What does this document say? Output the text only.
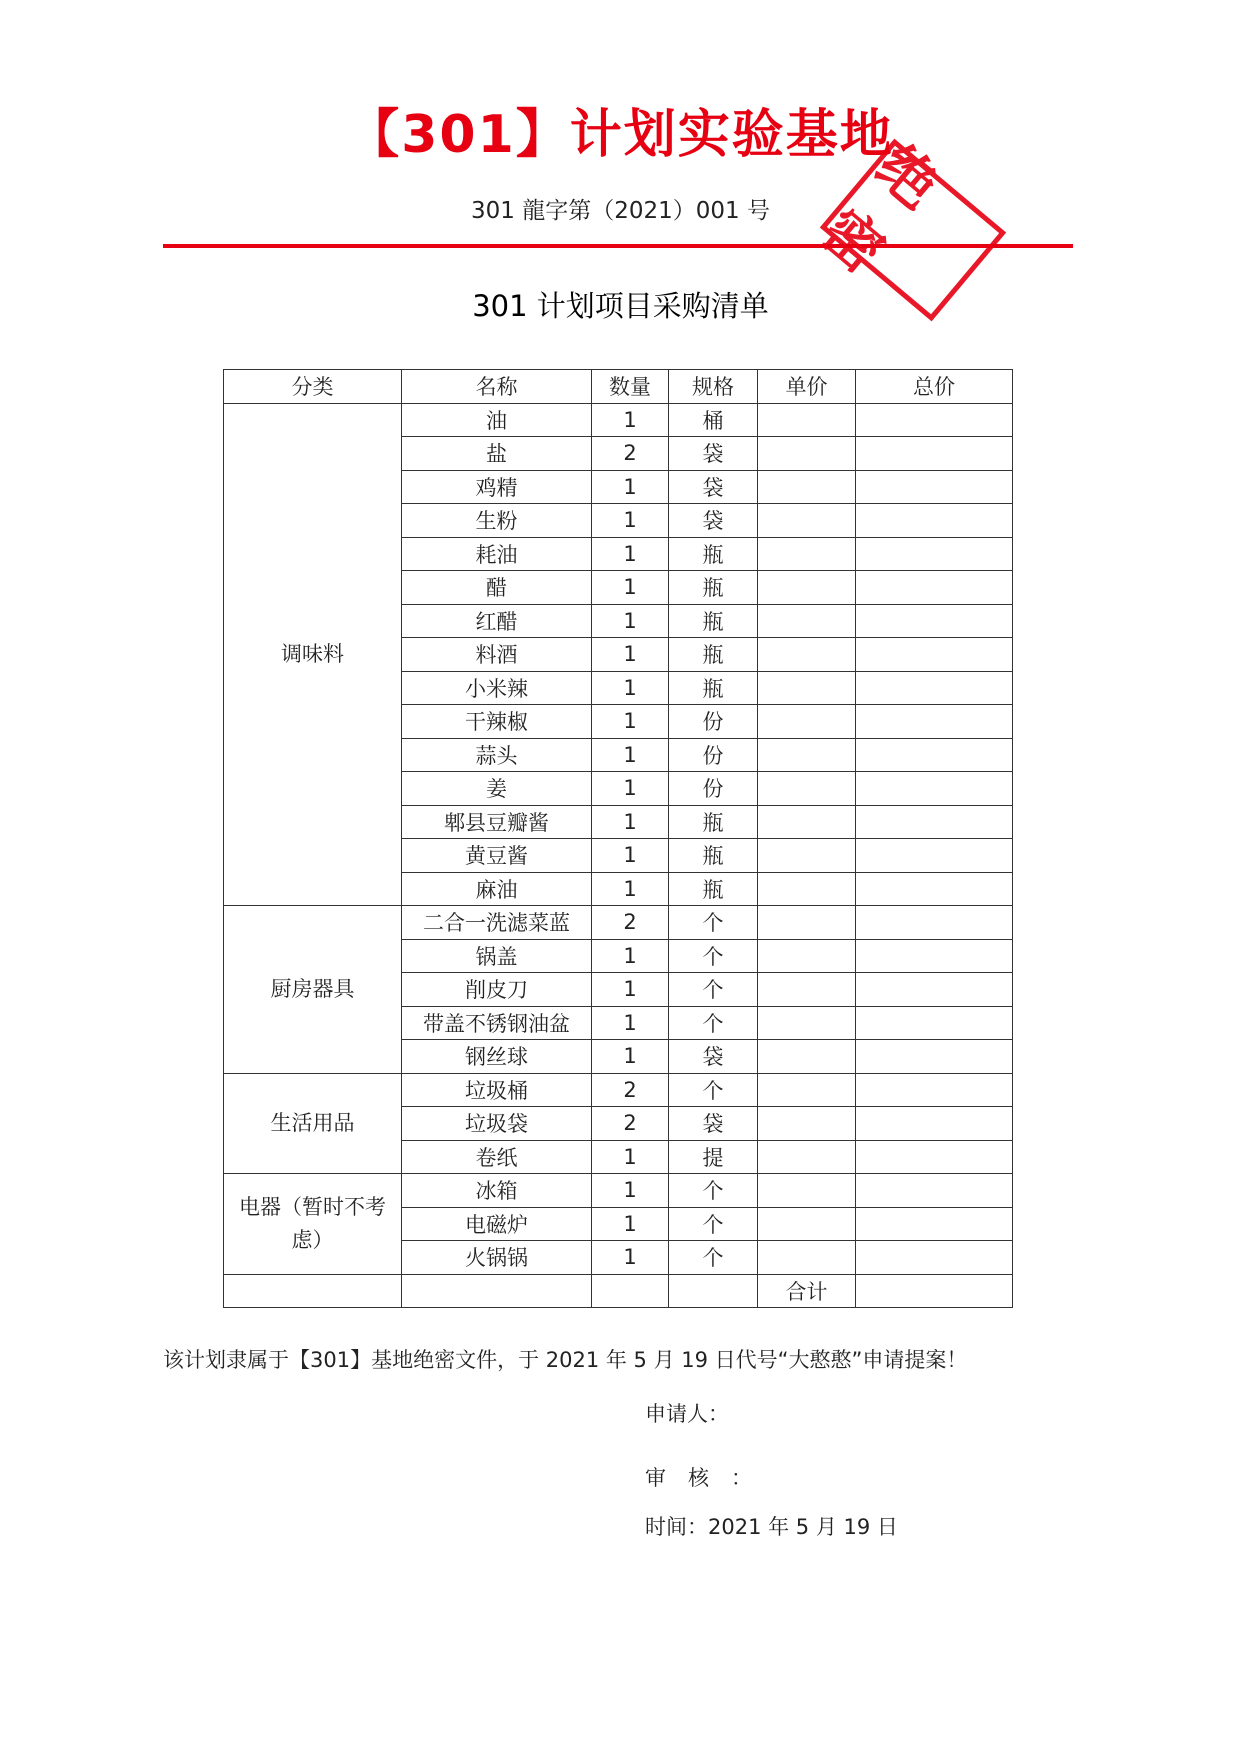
【301】计划实验基地
301 龍字第（2021）001 号	绝密
301 计划项目采购清单
分类	名称	数量	规格	单价	总价
调味料	油	1	桶		
	盐	2	袋		
	鸡精	1	袋		
	生粉	1	袋		
	耗油	1	瓶		
	醋	1	瓶		
	红醋	1	瓶		
	料酒	1	瓶		
	小米辣	1	瓶		
	干辣椒	1	份		
	蒜头	1	份		
	姜	1	份		
	郫县豆瓣酱	1	瓶		
	黄豆酱	1	瓶		
	麻油	1	瓶		
厨房器具	二合一洗滤菜蓝	2	个		
	锅盖	1	个		
	削皮刀	1	个		
	带盖不锈钢油盆	1	个		
	钢丝球	1	袋		
生活用品	垃圾桶	2	个		
	垃圾袋	2	袋		
	卷纸	1	提		
电器（暂时不考虑）	冰箱	1	个		
	电磁炉	1	个		
	火锅锅	1	个		
				合计	
该计划隶属于【301】基地绝密文件，于 2021 年 5 月 19 日代号“大憨憨”申请提案！
申请人：
审核：
时间：2021 年 5 月 19 日
